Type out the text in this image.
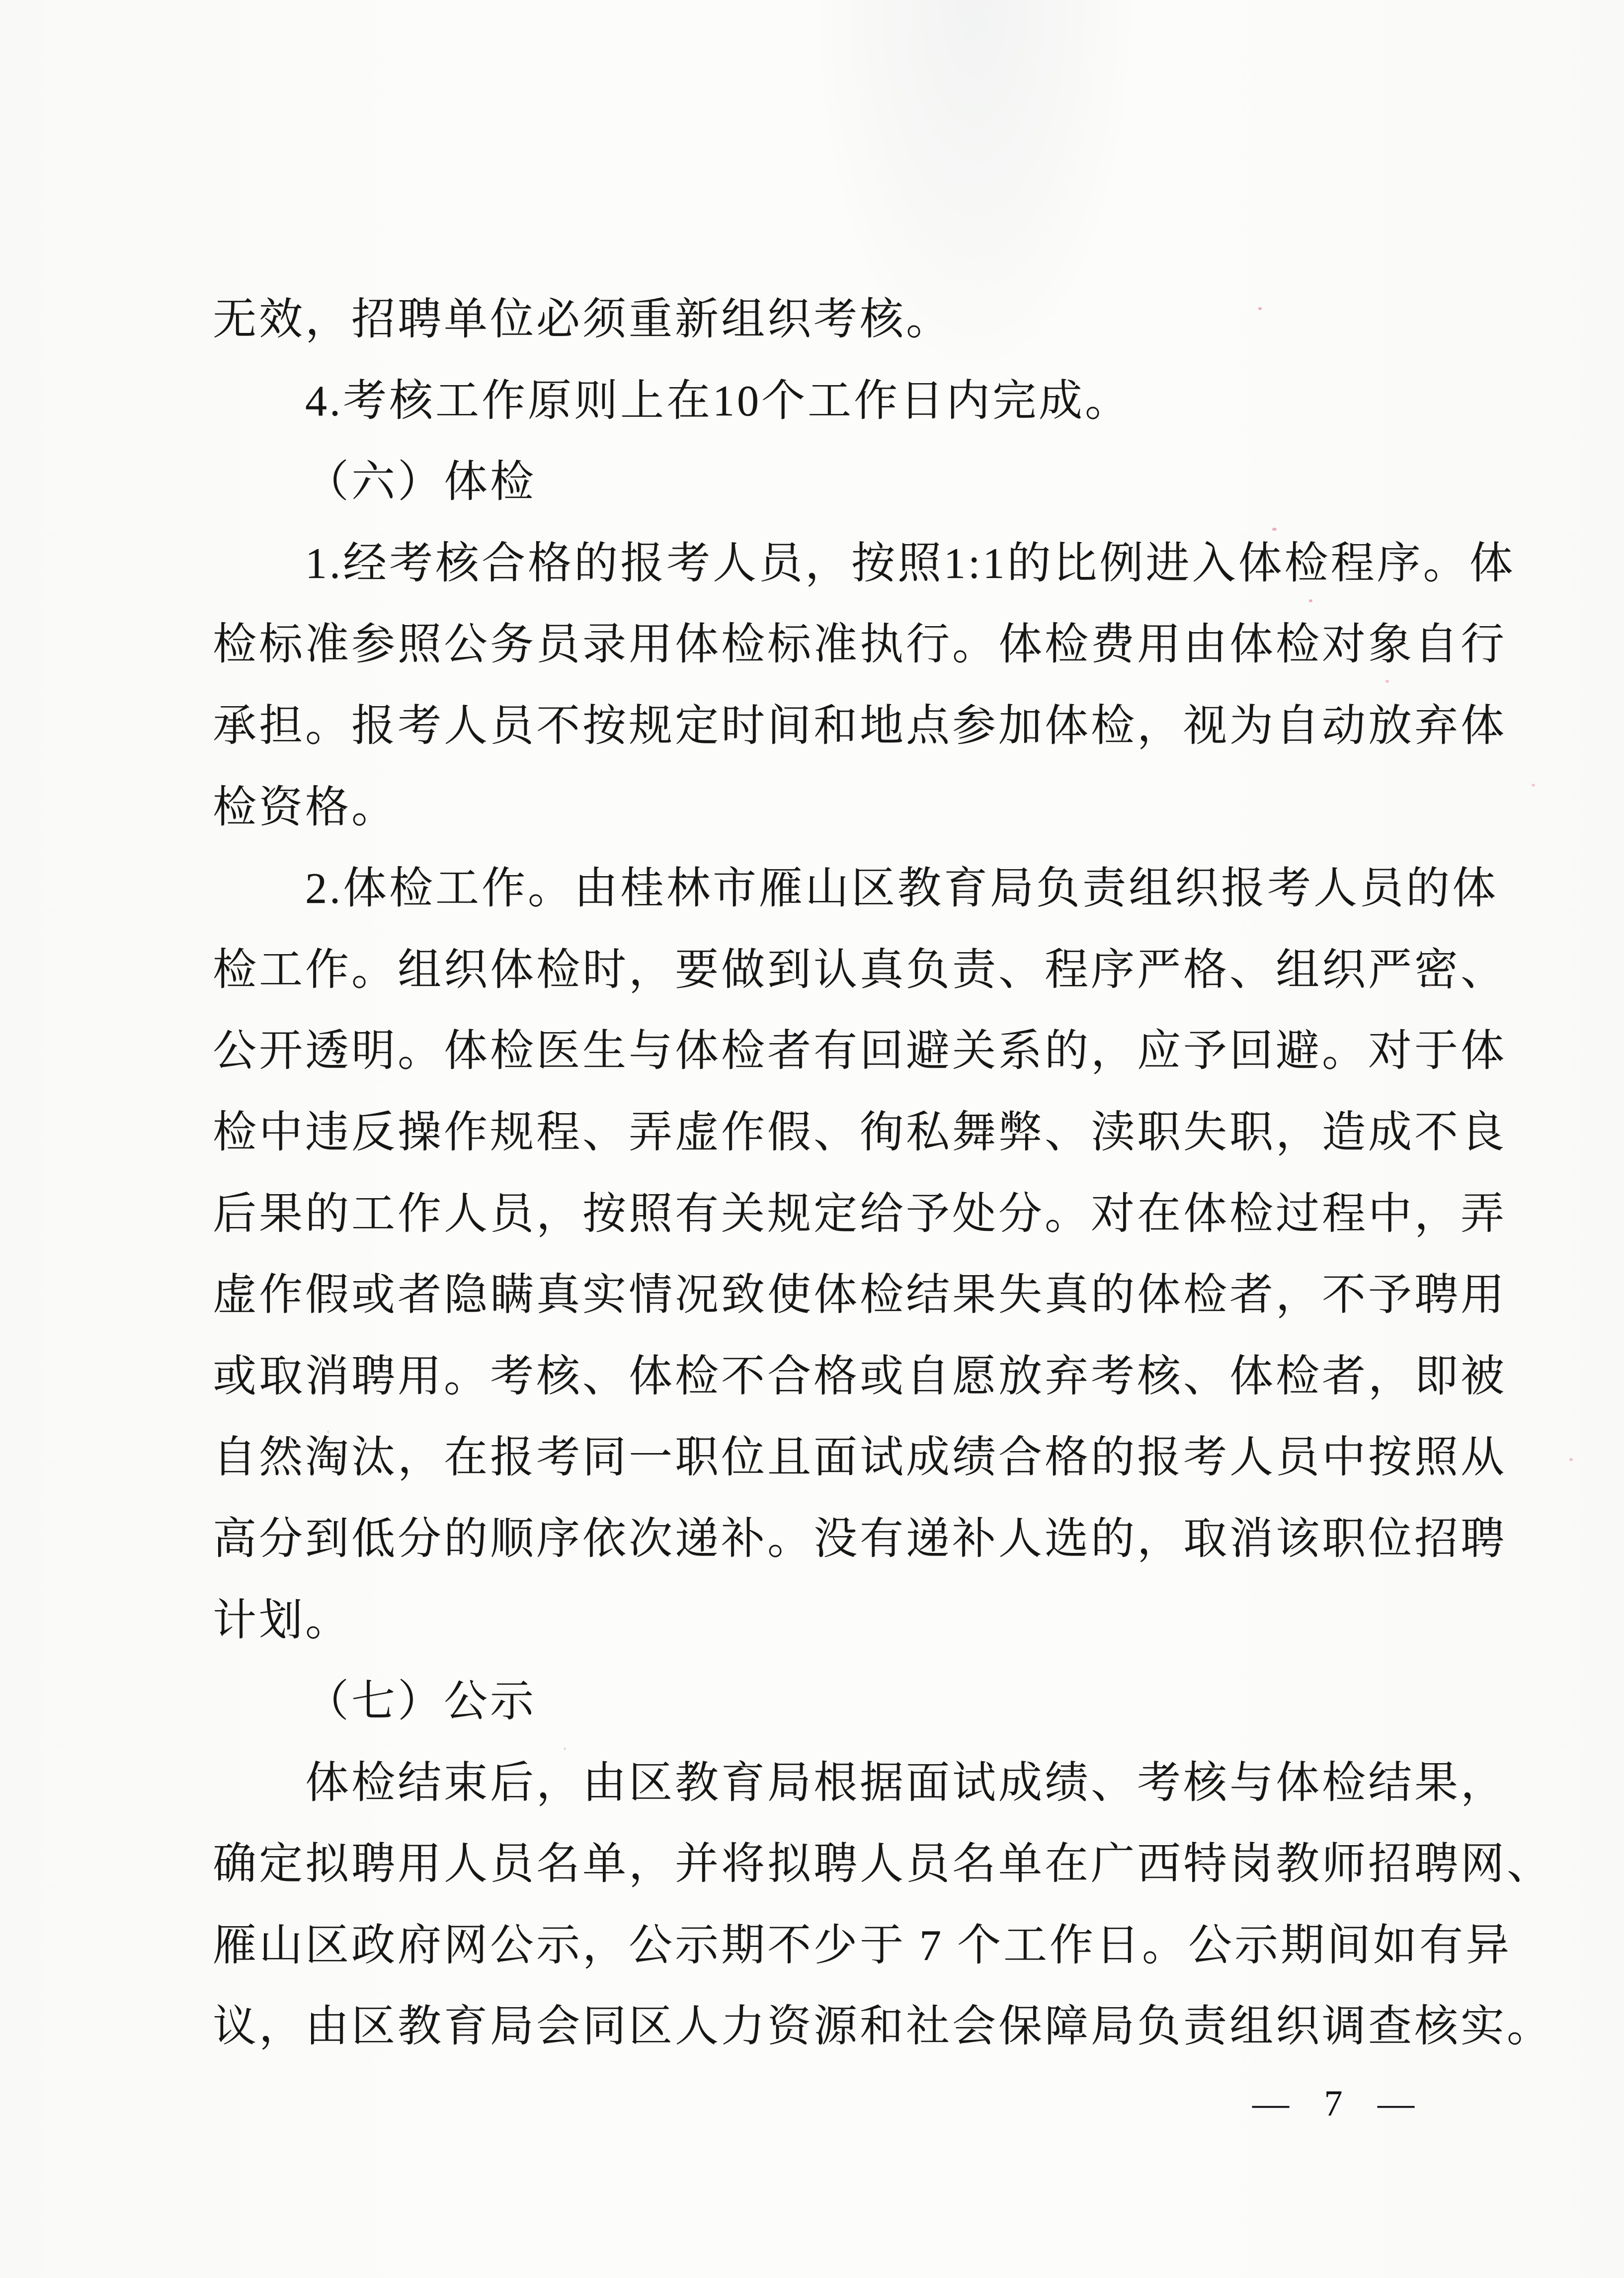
无效，招聘单位必须重新组织考核。
4.考核工作原则上在10个工作日内完成。
（六）体检
1.经考核合格的报考人员，按照1:1的比例进入体检程序。体
检标准参照公务员录用体检标准执行。体检费用由体检对象自行
承担。报考人员不按规定时间和地点参加体检，视为自动放弃体
检资格。
2.体检工作。由桂林市雁山区教育局负责组织报考人员的体
检工作。组织体检时，要做到认真负责、程序严格、组织严密、
公开透明。体检医生与体检者有回避关系的，应予回避。对于体
检中违反操作规程、弄虚作假、徇私舞弊、渎职失职，造成不良
后果的工作人员，按照有关规定给予处分。对在体检过程中，弄
虚作假或者隐瞒真实情况致使体检结果失真的体检者，不予聘用
或取消聘用。考核、体检不合格或自愿放弃考核、体检者，即被
自然淘汰，在报考同一职位且面试成绩合格的报考人员中按照从
高分到低分的顺序依次递补。没有递补人选的，取消该职位招聘
计划。
（七）公示
体检结束后，由区教育局根据面试成绩、考核与体检结果，
确定拟聘用人员名单，并将拟聘人员名单在广西特岗教师招聘网、
雁山区政府网公示，公示期不少于 7 个工作日。公示期间如有异
议，由区教育局会同区人力资源和社会保障局负责组织调查核实。
— 7 —
